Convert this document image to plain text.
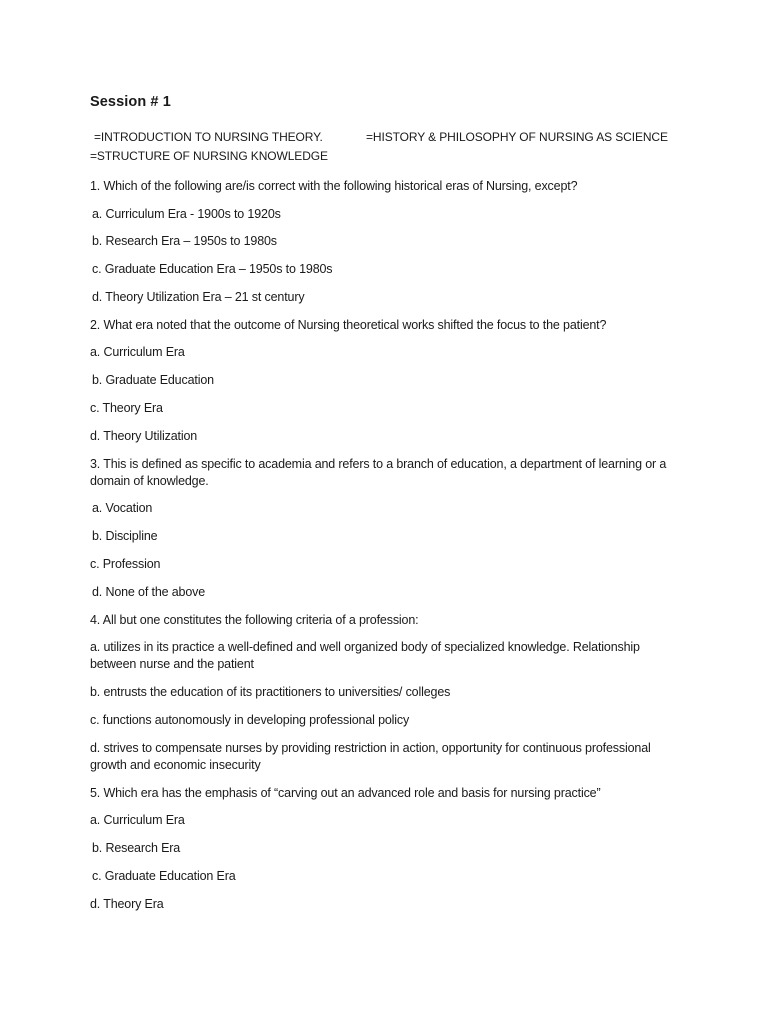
Session # 1
=INTRODUCTION TO NURSING THEORY.	=HISTORY & PHILOSOPHY OF NURSING AS SCIENCE
=STRUCTURE OF NURSING KNOWLEDGE
1. Which of the following are/is correct with the following historical eras of Nursing, except?
a. Curriculum Era - 1900s to 1920s
b. Research Era – 1950s to 1980s
c. Graduate Education Era – 1950s to 1980s
d. Theory Utilization Era – 21 st century
2. What era noted that the outcome of Nursing theoretical works shifted the focus to the patient?
a. Curriculum Era
b. Graduate Education
c. Theory Era
d. Theory Utilization
3. This is defined as specific to academia and refers to a branch of education, a department of learning or a domain of knowledge.
a. Vocation
b. Discipline
c. Profession
d. None of the above
4. All but one constitutes the following criteria of a profession:
a. utilizes in its practice a well-defined and well organized body of specialized knowledge. Relationship between nurse and the patient
b. entrusts the education of its practitioners to universities/ colleges
c. functions autonomously in developing professional policy
d. strives to compensate nurses by providing restriction in action, opportunity for continuous professional growth and economic insecurity
5. Which era has the emphasis of “carving out an advanced role and basis for nursing practice”
a. Curriculum Era
b. Research Era
c. Graduate Education Era
d. Theory Era
